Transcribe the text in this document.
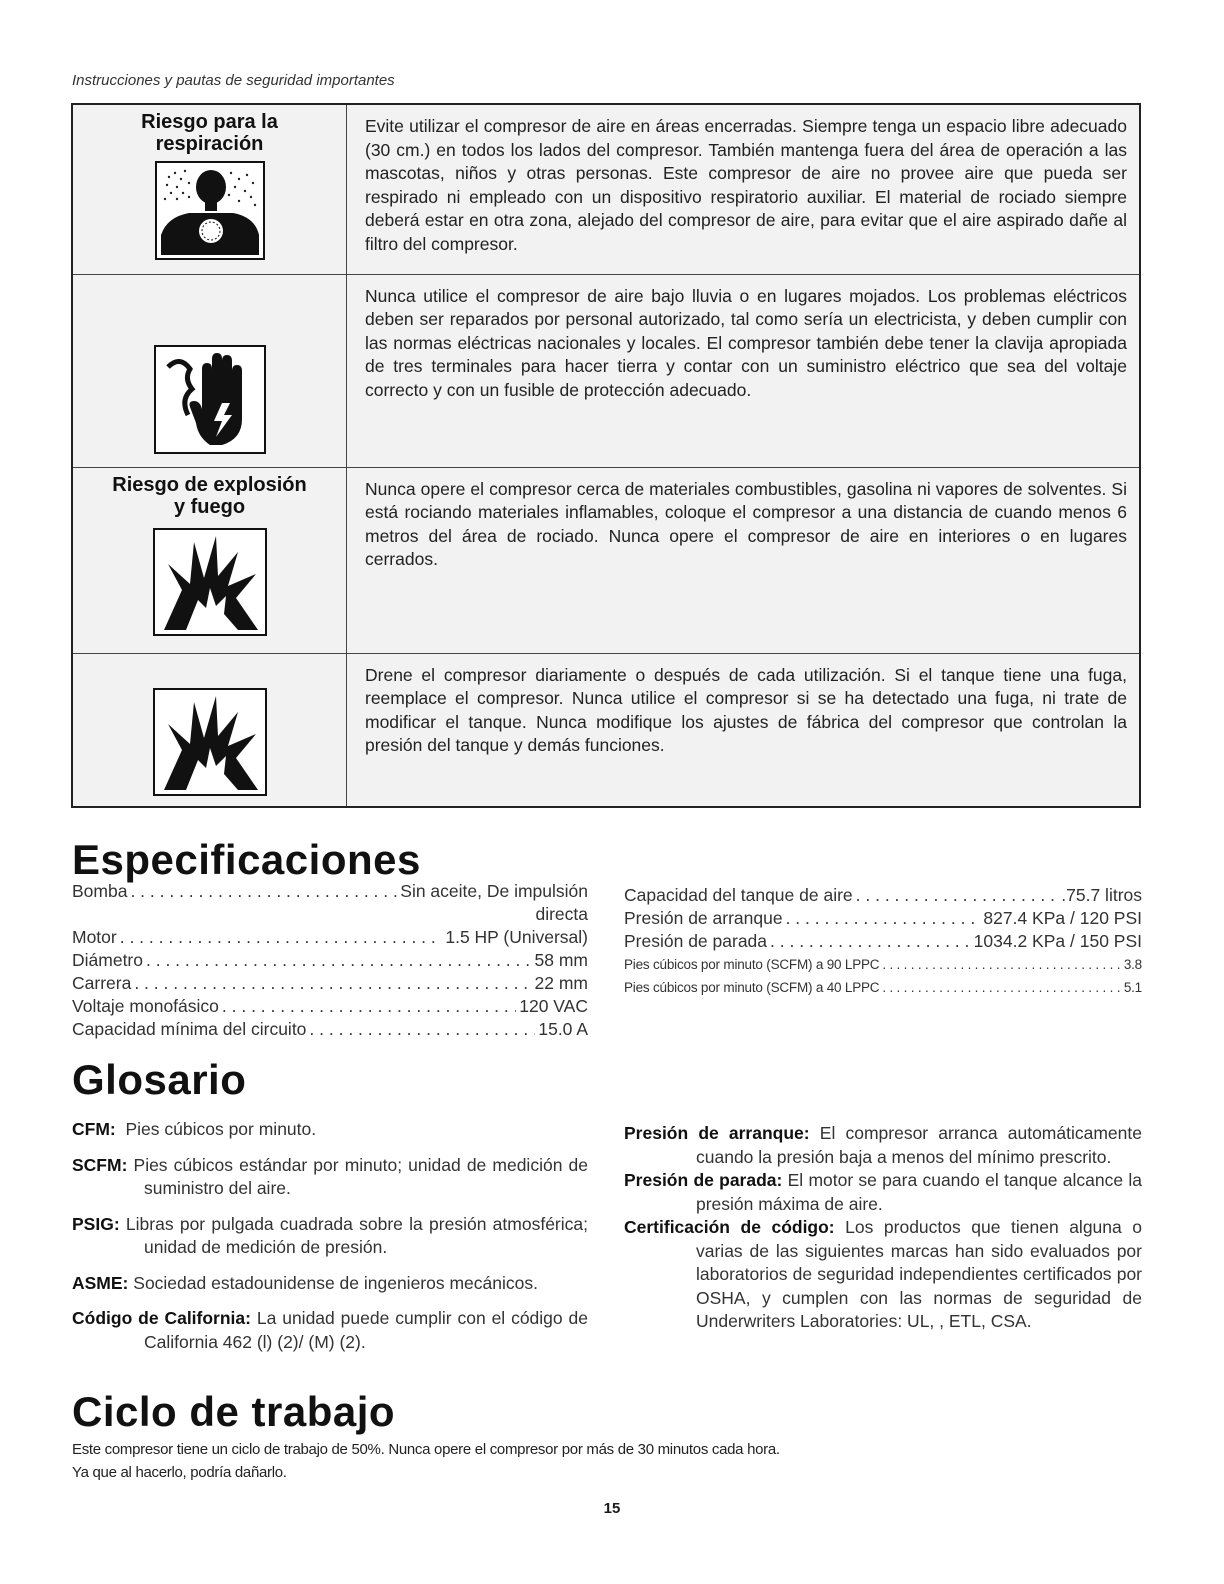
Instrucciones y pautas de seguridad importantes
Riesgo para la respiración	Evite utilizar el compresor de aire en áreas encerradas. Siempre tenga un espacio libre adecuado (30 cm.) en todos los lados del compresor. También mantenga fuera del área de operación a las mascotas, niños y otras personas. Este compresor de aire no provee aire que pueda ser respirado ni empleado con un dispositivo respiratorio auxiliar. El material de rociado siempre deberá estar en otra zona, alejado del compresor de aire, para evitar que el aire aspirado dañe al filtro del compresor.

	Nunca utilice el compresor de aire bajo lluvia o en lugares mojados. Los problemas eléctricos deben ser reparados por personal autorizado, tal como sería un electricista, y deben cumplir con las normas eléctricas nacionales y locales. El compresor también debe tener la clavija apropiada de tres terminales para hacer tierra y contar con un suministro eléctrico que sea del voltaje correcto y con un fusible de protección adecuado.

Riesgo de explosión y fuego	Nunca opere el compresor cerca de materiales combustibles, gasolina ni vapores de solventes. Si está rociando materiales inflamables, coloque el compresor a una distancia de cuando menos 6 metros del área de rociado. Nunca opere el compresor de aire en interiores o en lugares cerrados.

	Drene el compresor diariamente o después de cada utilización. Si el tanque tiene una fuga, reemplace el compresor. Nunca utilice el compresor si se ha detectado una fuga, ni trate de modificar el tanque. Nunca modifique los ajustes de fábrica del compresor que controlan la presión del tanque y demás funciones.
Especificaciones
Bomba . . .	Sin aceite, De impulsión
directa
Motor . . .	1.5 HP (Universal)
Diámetro . . .	58 mm
Carrera . . .	22 mm
Voltaje monofásico . . .	120 VAC
Capacidad mínima del circuito . . .	15.0 A
Capacidad del tanque de aire . . .	.75.7 litros
Presión de arranque . . .	827.4 KPa / 120 PSI
Presión de parada . . .	1034.2 KPa / 150 PSI
Pies cúbicos por minuto (SCFM) a 90 LPPC . . .	3.8
Pies cúbicos por minuto (SCFM) a 40 LPPC . . .	5.1
Glosario
CFM: Pies cúbicos por minuto.
SCFM: Pies cúbicos estándar por minuto; unidad de medición de suministro del aire.
PSIG: Libras por pulgada cuadrada sobre la presión atmosférica; unidad de medición de presión.
ASME: Sociedad estadounidense de ingenieros mecánicos.
Código de California: La unidad puede cumplir con el código de California 462 (l) (2)/ (M) (2).
Presión de arranque: El compresor arranca automáticamente cuando la presión baja a menos del mínimo prescrito.
Presión de parada: El motor se para cuando el tanque alcance la presión máxima de aire.
Certificación de código: Los productos que tienen alguna o varias de las siguientes marcas han sido evaluados por laboratorios de seguridad independientes certificados por OSHA, y cumplen con las normas de seguridad de Underwriters Laboratories: UL, , ETL, CSA.
Ciclo de trabajo
Este compresor tiene un ciclo de trabajo de 50%. Nunca opere el compresor por más de 30 minutos cada hora.
Ya que al hacerlo, podría dañarlo.
15
